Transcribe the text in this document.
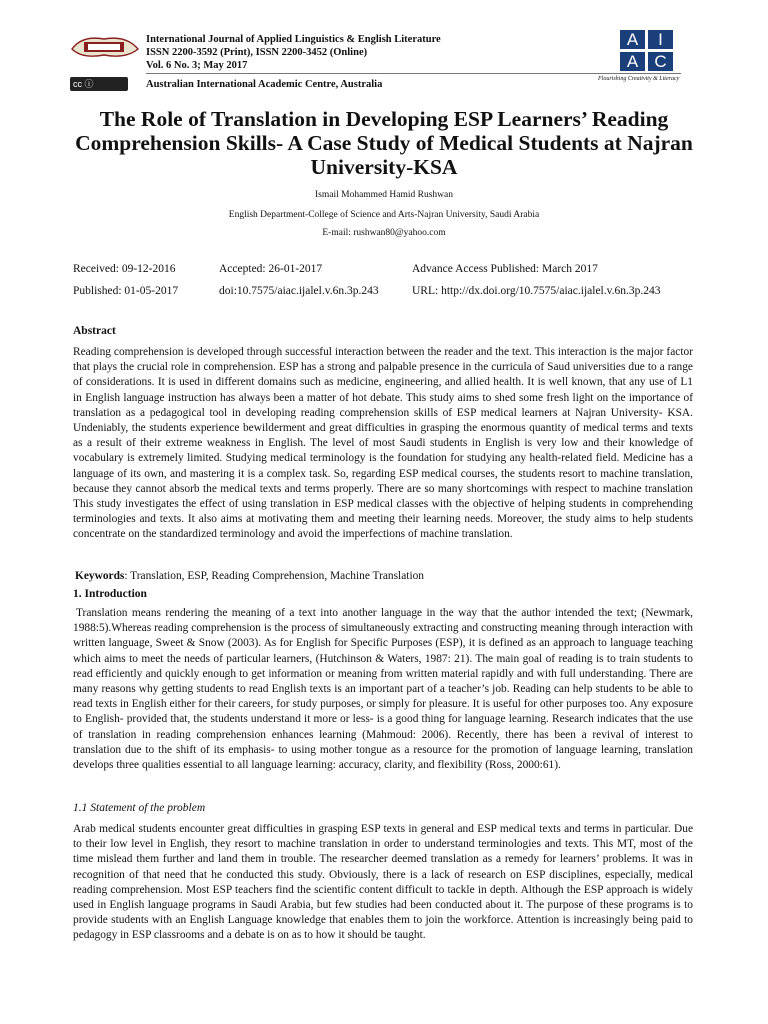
International Journal of Applied Linguistics & English Literature
ISSN 2200-3592 (Print), ISSN 2200-3452 (Online)
Vol. 6 No. 3; May 2017
cc ⓘ	Australian International Academic Centre, Australia
A	I
A C
Flourishing Creativity & Literacy
The Role of Translation in Developing ESP Learners’ Reading Comprehension Skills- A Case Study of Medical Students at Najran University-KSA
Ismail Mohammed Hamid Rushwan
English Department-College of Science and Arts-Najran University, Saudi Arabia
E-mail: rushwan80@yahoo.com
Received: 09-12-2016	Accepted: 26-01-2017	Advance Access Published: March 2017
Published: 01-05-2017	doi:10.7575/aiac.ijalel.v.6n.3p.243	URL: http://dx.doi.org/10.7575/aiac.ijalel.v.6n.3p.243
Abstract
Reading comprehension is developed through successful interaction between the reader and the text. This interaction is the major factor that plays the crucial role in comprehension. ESP has a strong and palpable presence in the curricula of Saud universities due to a range of considerations. It is used in different domains such as medicine, engineering, and allied health. It is well known, that any use of L1 in English language instruction has always been a matter of hot debate. This study aims to shed some fresh light on the importance of translation as a pedagogical tool in developing reading comprehension skills of ESP medical learners at Najran University- KSA. Undeniably, the students experience bewilderment and great difficulties in grasping the enormous quantity of medical terms and texts as a result of their extreme weakness in English. The level of most Saudi students in English is very low and their knowledge of vocabulary is extremely limited. Studying medical terminology is the foundation for studying any health-related field. Medicine has a language of its own, and mastering it is a complex task. So, regarding ESP medical courses, the students resort to machine translation, because they cannot absorb the medical texts and terms properly. There are so many shortcomings with respect to machine translation This study investigates the effect of using translation in ESP medical classes with the objective of helping students in comprehending terminologies and texts. It also aims at motivating them and meeting their learning needs. Moreover, the study aims to help students concentrate on the standardized terminology and avoid the imperfections of machine translation.
Keywords: Translation, ESP, Reading Comprehension, Machine Translation
1. Introduction
Translation means rendering the meaning of a text into another language in the way that the author intended the text; (Newmark, 1988:5).Whereas reading comprehension is the process of simultaneously extracting and constructing meaning through interaction with written language, Sweet & Snow (2003). As for English for Specific Purposes (ESP), it is defined as an approach to language teaching which aims to meet the needs of particular learners, (Hutchinson & Waters, 1987: 21). The main goal of reading is to train students to read efficiently and quickly enough to get information or meaning from written material rapidly and with full understanding. There are many reasons why getting students to read English texts is an important part of a teacher’s job. Reading can help students to be able to read texts in English either for their careers, for study purposes, or simply for pleasure. It is useful for other purposes too. Any exposure to English- provided that, the students understand it more or less- is a good thing for language learning. Research indicates that the use of translation in reading comprehension enhances learning (Mahmoud: 2006). Recently, there has been a revival of interest to translation due to the shift of its emphasis- to using mother tongue as a resource for the promotion of language learning, translation develops three qualities essential to all language learning: accuracy, clarity, and flexibility (Ross, 2000:61).
1.1 Statement of the problem
Arab medical students encounter great difficulties in grasping ESP texts in general and ESP medical texts and terms in particular. Due to their low level in English, they resort to machine translation in order to understand terminologies and texts. This MT, most of the time mislead them further and land them in trouble. The researcher deemed translation as a remedy for learners’ problems. It was in recognition of that need that he conducted this study. Obviously, there is a lack of research on ESP disciplines, especially, medical reading comprehension. Most ESP teachers find the scientific content difficult to tackle in depth. Although the ESP approach is widely used in English language programs in Saudi Arabia, but few studies had been conducted about it. The purpose of these programs is to provide students with an English Language knowledge that enables them to join the workforce. Attention is increasingly being paid to pedagogy in ESP classrooms and a debate is on as to how it should be taught.
